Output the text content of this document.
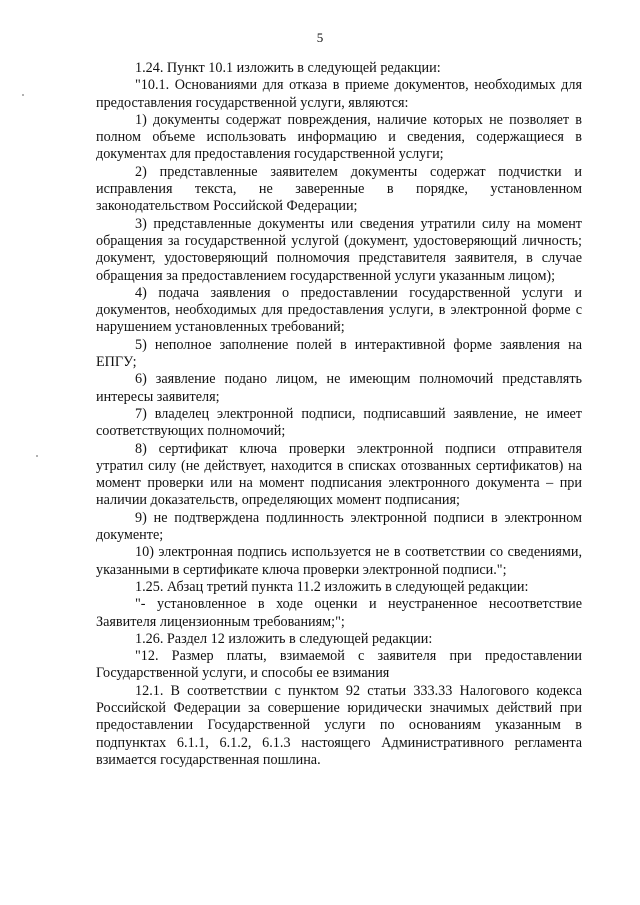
5

1.24. Пункт 10.1 изложить в следующей редакции:

"10.1. Основаниями для отказа в приеме документов, необходимых для предоставления государственной услуги, являются:

1) документы содержат повреждения, наличие которых не позволяет в полном объеме использовать информацию и сведения, содержащиеся в документах для предоставления государственной услуги;

2) представленные заявителем документы содержат подчистки и исправления текста, не заверенные в порядке, установленном законодательством Российской Федерации;

3) представленные документы или сведения утратили силу на момент обращения за государственной услугой (документ, удостоверяющий личность; документ, удостоверяющий полномочия представителя заявителя, в случае обращения за предоставлением государственной услуги указанным лицом);

4) подача заявления о предоставлении государственной услуги и документов, необходимых для предоставления услуги, в электронной форме с нарушением установленных требований;

5) неполное заполнение полей в интерактивной форме заявления на ЕПГУ;

6) заявление подано лицом, не имеющим полномочий представлять интересы заявителя;

7) владелец электронной подписи, подписавший заявление, не имеет соответствующих полномочий;

8) сертификат ключа проверки электронной подписи отправителя утратил силу (не действует, находится в списках отозванных сертификатов) на момент проверки или на момент подписания электронного документа – при наличии доказательств, определяющих момент подписания;

9) не подтверждена подлинность электронной подписи в электронном документе;

10) электронная подпись используется не в соответствии со сведениями, указанными в сертификате ключа проверки электронной подписи.";

1.25. Абзац третий пункта 11.2 изложить в следующей редакции:

"- установленное в ходе оценки и неустраненное несоответствие Заявителя лицензионным требованиям;";

1.26. Раздел 12 изложить в следующей редакции:

"12. Размер платы, взимаемой с заявителя при предоставлении Государственной услуги, и способы ее взимания

12.1. В соответствии с пунктом 92 статьи 333.33 Налогового кодекса Российской Федерации за совершение юридически значимых действий при предоставлении Государственной услуги по основаниям указанным в подпунктах 6.1.1, 6.1.2, 6.1.3 настоящего Административного регламента взимается государственная пошлина.
